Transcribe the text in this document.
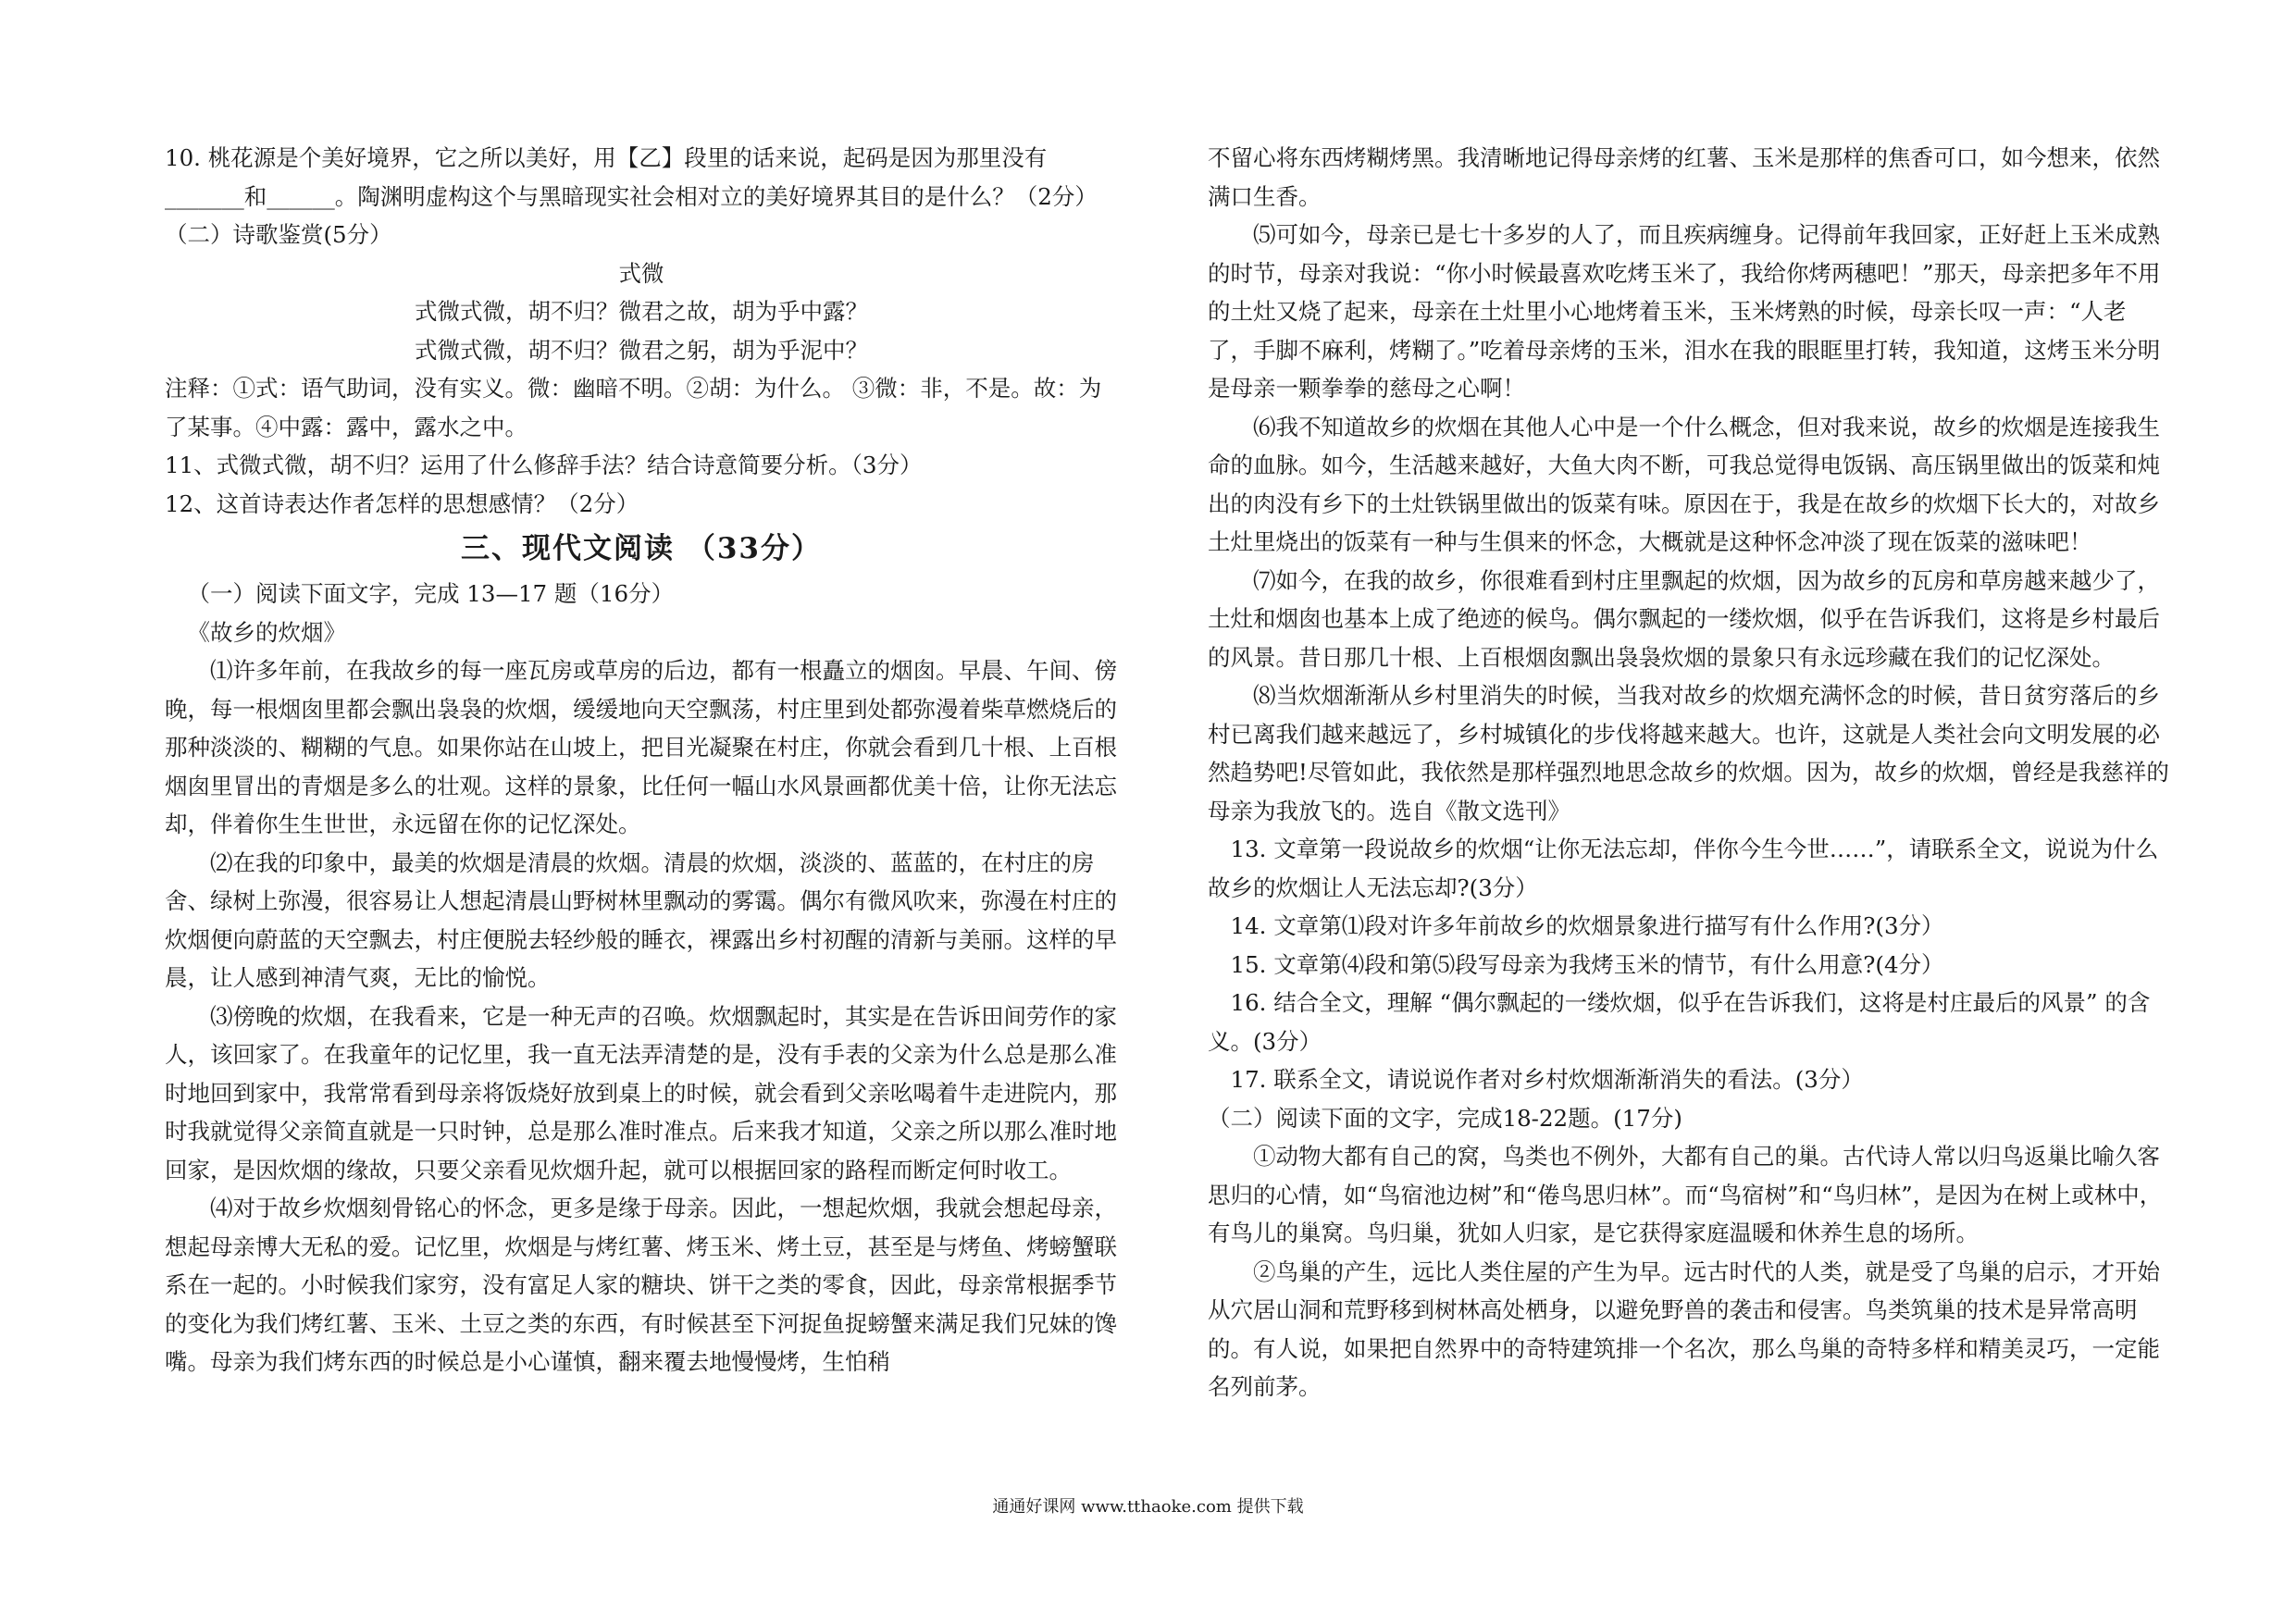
10. 桃花源是个美好境界，它之所以美好，用【乙】段里的话来说，起码是因为那里没有_______和______。陶渊明虚构这个与黑暗现实社会相对立的美好境界其目的是什么？（2分）

（二）诗歌鉴赏(5分）

式微

式微式微，胡不归？微君之故，胡为乎中露？

式微式微，胡不归？微君之躬，胡为乎泥中？

注释：①式：语气助词，没有实义。微：幽暗不明。②胡：为什么。 ③微：非，不是。故：为了某事。④中露：露中，露水之中。

11、式微式微，胡不归？运用了什么修辞手法？结合诗意简要分析。（3分）

12、这首诗表达作者怎样的思想感情？（2分）

三、现代文阅读 （33分）

（一）阅读下面文字，完成 13—17 题（16分）

《故乡的炊烟》

⑴许多年前，在我故乡的每一座瓦房或草房的后边，都有一根矗立的烟囱。早晨、午间、傍晚，每一根烟囱里都会飘出袅袅的炊烟，缓缓地向天空飘荡，村庄里到处都弥漫着柴草燃烧后的那种淡淡的、糊糊的气息。如果你站在山坡上，把目光凝聚在村庄，你就会看到几十根、上百根烟囱里冒出的青烟是多么的壮观。这样的景象，比任何一幅山水风景画都优美十倍，让你无法忘却，伴着你生生世世，永远留在你的记忆深处。

⑵在我的印象中，最美的炊烟是清晨的炊烟。清晨的炊烟，淡淡的、蓝蓝的，在村庄的房舍、绿树上弥漫，很容易让人想起清晨山野树林里飘动的雾霭。偶尔有微风吹来，弥漫在村庄的炊烟便向蔚蓝的天空飘去，村庄便脱去轻纱般的睡衣，裸露出乡村初醒的清新与美丽。这样的早晨，让人感到神清气爽，无比的愉悦。

⑶傍晚的炊烟，在我看来，它是一种无声的召唤。炊烟飘起时，其实是在告诉田间劳作的家人，该回家了。在我童年的记忆里，我一直无法弄清楚的是，没有手表的父亲为什么总是那么准时地回到家中，我常常看到母亲将饭烧好放到桌上的时候，就会看到父亲吆喝着牛走进院内，那时我就觉得父亲简直就是一只时钟，总是那么准时准点。后来我才知道，父亲之所以那么准时地回家，是因炊烟的缘故，只要父亲看见炊烟升起，就可以根据回家的路程而断定何时收工。

⑷对于故乡炊烟刻骨铭心的怀念，更多是缘于母亲。因此，一想起炊烟，我就会想起母亲，想起母亲博大无私的爱。记忆里，炊烟是与烤红薯、烤玉米、烤土豆，甚至是与烤鱼、烤螃蟹联系在一起的。小时候我们家穷，没有富足人家的糖块、饼干之类的零食，因此，母亲常根据季节的变化为我们烤红薯、玉米、土豆之类的东西，有时候甚至下河捉鱼捉螃蟹来满足我们兄妹的馋嘴。母亲为我们烤东西的时候总是小心谨慎，翻来覆去地慢慢烤，生怕稍

不留心将东西烤糊烤黑。我清晰地记得母亲烤的红薯、玉米是那样的焦香可口，如今想来，依然满口生香。

⑸可如今，母亲已是七十多岁的人了，而且疾病缠身。记得前年我回家，正好赶上玉米成熟的时节，母亲对我说：“你小时候最喜欢吃烤玉米了，我给你烤两穗吧！”那天，母亲把多年不用的土灶又烧了起来，母亲在土灶里小心地烤着玉米，玉米烤熟的时候，母亲长叹一声：“人老了，手脚不麻利，烤糊了。”吃着母亲烤的玉米，泪水在我的眼眶里打转，我知道，这烤玉米分明是母亲一颗拳拳的慈母之心啊！

⑹我不知道故乡的炊烟在其他人心中是一个什么概念，但对我来说，故乡的炊烟是连接我生命的血脉。如今，生活越来越好，大鱼大肉不断，可我总觉得电饭锅、高压锅里做出的饭菜和炖出的肉没有乡下的土灶铁锅里做出的饭菜有味。原因在于，我是在故乡的炊烟下长大的，对故乡土灶里烧出的饭菜有一种与生俱来的怀念，大概就是这种怀念冲淡了现在饭菜的滋味吧！

⑺如今，在我的故乡，你很难看到村庄里飘起的炊烟，因为故乡的瓦房和草房越来越少了，土灶和烟囱也基本上成了绝迹的候鸟。偶尔飘起的一缕炊烟，似乎在告诉我们，这将是乡村最后的风景。昔日那几十根、上百根烟囱飘出袅袅炊烟的景象只有永远珍藏在我们的记忆深处。

⑻当炊烟渐渐从乡村里消失的时候，当我对故乡的炊烟充满怀念的时候，昔日贫穷落后的乡村已离我们越来越远了，乡村城镇化的步伐将越来越大。也许，这就是人类社会向文明发展的必然趋势吧!尽管如此，我依然是那样强烈地思念故乡的炊烟。因为，故乡的炊烟，曾经是我慈祥的母亲为我放飞的。选自《散文选刊》

13. 文章第一段说故乡的炊烟“让你无法忘却，伴你今生今世……”，请联系全文，说说为什么故乡的炊烟让人无法忘却?(3分）

14. 文章第⑴段对许多年前故乡的炊烟景象进行描写有什么作用?(3分）

15. 文章第⑷段和第⑸段写母亲为我烤玉米的情节，有什么用意?(4分）

16. 结合全文，理解 “偶尔飘起的一缕炊烟，似乎在告诉我们，这将是村庄最后的风景” 的含义。(3分）

17. 联系全文，请说说作者对乡村炊烟渐渐消失的看法。(3分）

（二）阅读下面的文字，完成18-22题。(17分)

①动物大都有自己的窝，鸟类也不例外，大都有自己的巢。古代诗人常以归鸟返巢比喻久客思归的心情，如“鸟宿池边树”和“倦鸟思归林”。而“鸟宿树”和“鸟归林”，是因为在树上或林中，有鸟儿的巢窝。鸟归巢，犹如人归家，是它获得家庭温暖和休养生息的场所。

②鸟巢的产生，远比人类住屋的产生为早。远古时代的人类，就是受了鸟巢的启示，才开始从穴居山洞和荒野移到树林高处栖身，以避免野兽的袭击和侵害。鸟类筑巢的技术是异常高明的。有人说，如果把自然界中的奇特建筑排一个名次，那么鸟巢的奇特多样和精美灵巧，一定能名列前茅。

通通好课网 www.tthaoke.com 提供下载
